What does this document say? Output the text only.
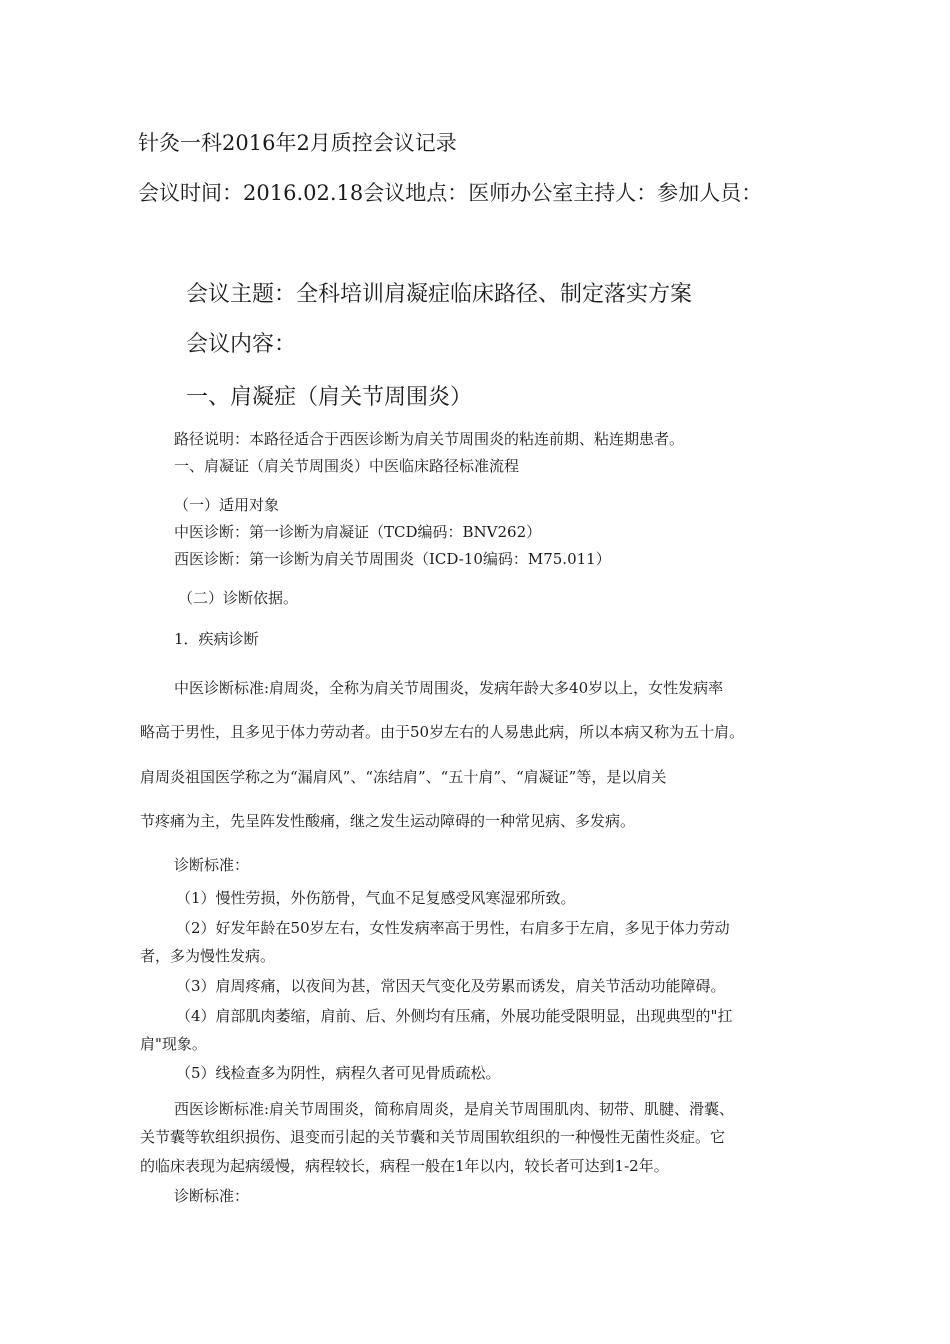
针灸一科2016年2月质控会议记录
会议时间：2016.02.18会议地点：医师办公室主持人：参加人员：
会议主题：全科培训肩凝症临床路径、制定落实方案
会议内容：
一、肩凝症（肩关节周围炎）
路径说明：本路径适合于西医诊断为肩关节周围炎的粘连前期、粘连期患者。
一、肩凝证（肩关节周围炎）中医临床路径标准流程
（一）适用对象
中医诊断：第一诊断为肩凝证（TCD编码：BNV262）
西医诊断：第一诊断为肩关节周围炎（ICD-10编码：M75.011）
（二）诊断依据。
1．疾病诊断
中医诊断标准:肩周炎，全称为肩关节周围炎，发病年龄大多40岁以上，女性发病率
略高于男性，且多见于体力劳动者。由于50岁左右的人易患此病，所以本病又称为五十肩。
肩周炎祖国医学称之为“漏肩风”、“冻结肩”、“五十肩”、“肩凝证”等，是以肩关
节疼痛为主，先呈阵发性酸痛，继之发生运动障碍的一种常见病、多发病。
诊断标准：
（1）慢性劳损，外伤筋骨，气血不足复感受风寒湿邪所致。
（2）好发年龄在50岁左右，女性发病率高于男性，右肩多于左肩，多见于体力劳动
者，多为慢性发病。
（3）肩周疼痛，以夜间为甚，常因天气变化及劳累而诱发，肩关节活动功能障碍。
（4）肩部肌肉萎缩，肩前、后、外侧均有压痛，外展功能受限明显，出现典型的"扛
肩"现象。
（5）线检查多为阴性，病程久者可见骨质疏松。
西医诊断标准:肩关节周围炎，简称肩周炎，是肩关节周围肌肉、韧带、肌腱、滑囊、
关节囊等软组织损伤、退变而引起的关节囊和关节周围软组织的一种慢性无菌性炎症。它
的临床表现为起病缓慢，病程较长，病程一般在1年以内，较长者可达到1-2年。
诊断标准：
